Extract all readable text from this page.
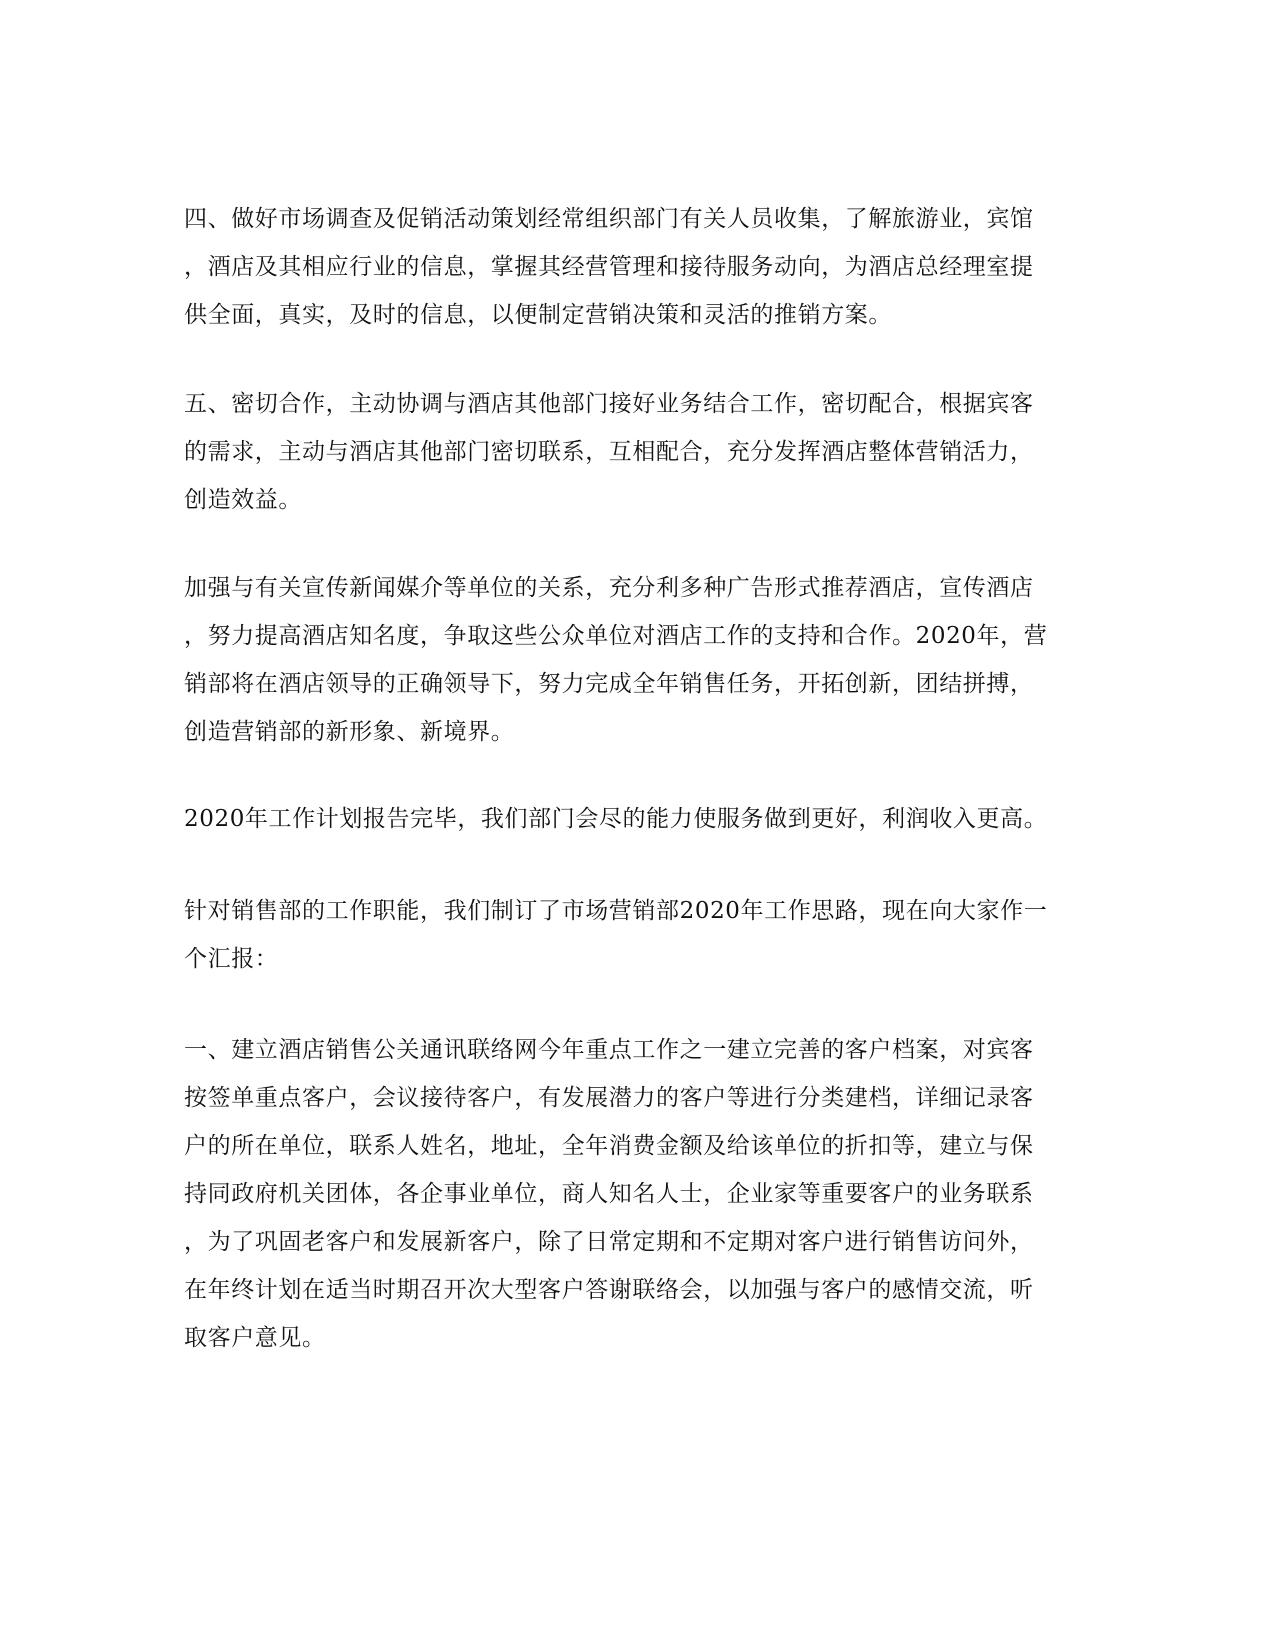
四、做好市场调查及促销活动策划经常组织部门有关人员收集，了解旅游业，宾馆
，酒店及其相应行业的信息，掌握其经营管理和接待服务动向，为酒店总经理室提
供全面，真实，及时的信息，以便制定营销决策和灵活的推销方案。
五、密切合作，主动协调与酒店其他部门接好业务结合工作，密切配合，根据宾客
的需求，主动与酒店其他部门密切联系，互相配合，充分发挥酒店整体营销活力，
创造效益。
加强与有关宣传新闻媒介等单位的关系，充分利多种广告形式推荐酒店，宣传酒店
，努力提高酒店知名度，争取这些公众单位对酒店工作的支持和合作。2020年，营
销部将在酒店领导的正确领导下，努力完成全年销售任务，开拓创新，团结拼搏，
创造营销部的新形象、新境界。
2020年工作计划报告完毕，我们部门会尽的能力使服务做到更好，利润收入更高。
针对销售部的工作职能，我们制订了市场营销部2020年工作思路，现在向大家作一
个汇报：
一、建立酒店销售公关通讯联络网今年重点工作之一建立完善的客户档案，对宾客
按签单重点客户，会议接待客户，有发展潜力的客户等进行分类建档，详细记录客
户的所在单位，联系人姓名，地址，全年消费金额及给该单位的折扣等，建立与保
持同政府机关团体，各企事业单位，商人知名人士，企业家等重要客户的业务联系
，为了巩固老客户和发展新客户，除了日常定期和不定期对客户进行销售访问外，
在年终计划在适当时期召开次大型客户答谢联络会，以加强与客户的感情交流，听
取客户意见。
